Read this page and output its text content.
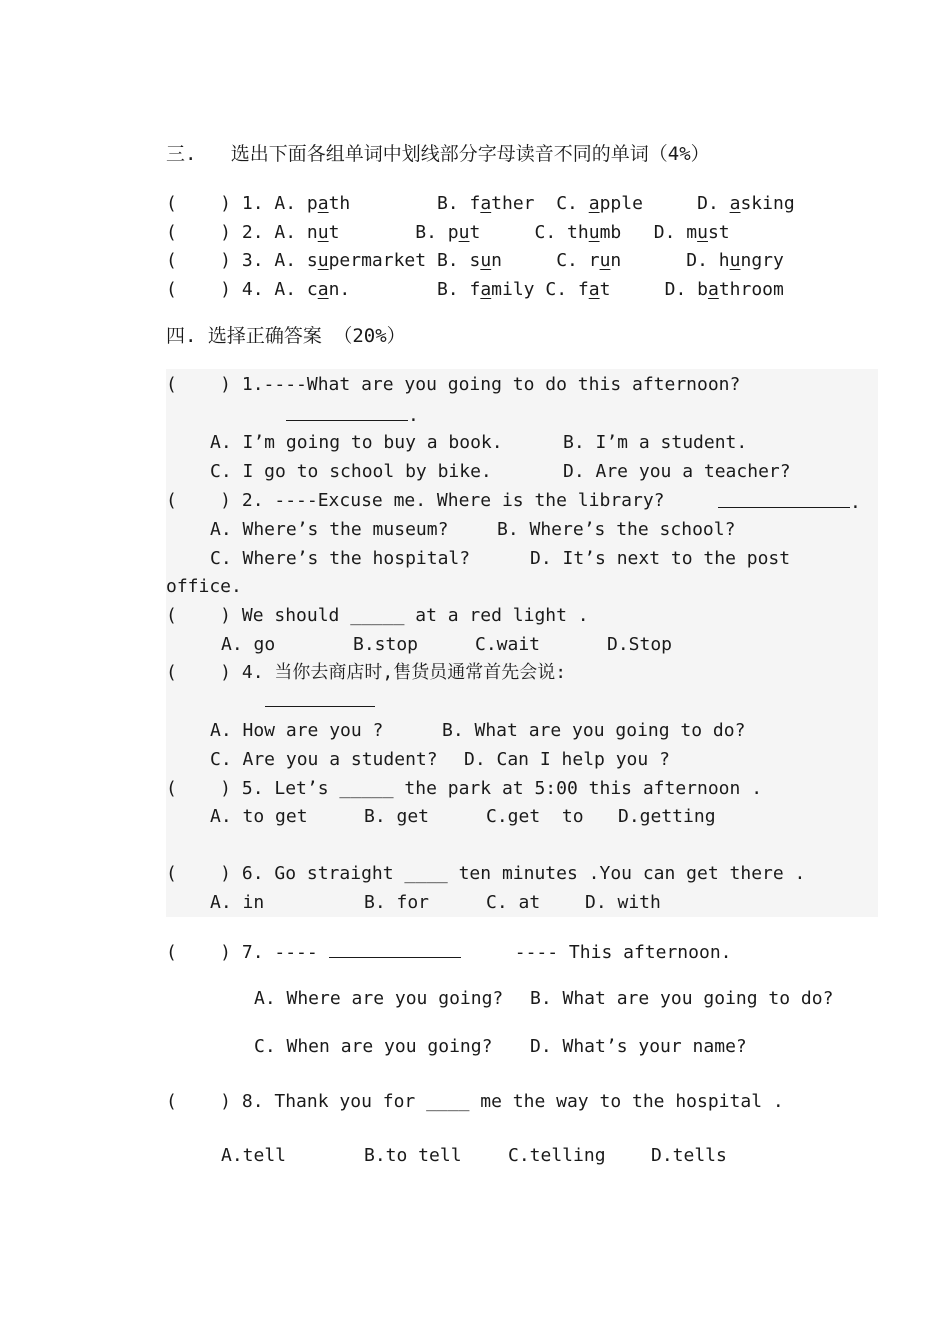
三.   选出下面各组单词中划线部分字母读音不同的单词（4%）
(    ) 1. A. path        B. father  C. apple     D. asking
(    ) 2. A. nut       B. put     C. thumb   D. must
(    ) 3. A. supermarket B. sun     C. run      D. hungry
(    ) 4. A. can.        B. family C. fat     D. bathroom
四. 选择正确答案 （20%）
(    ) 1.----What are you going to do this afternoon?
.
A. I’m going to buy a book.	B. I’m a student.
C. I go to school by bike.	D. Are you a teacher?
(    ) 2. ----Excuse me. Where is the library?	.
A. Where’s the museum?	B. Where’s the school?
C. Where’s the hospital?	D. It’s next to the post
office.
(    ) We should _____ at a red light .
A. go	B.stop	C.wait	D.Stop
(    ) 4. 当你去商店时,售货员通常首先会说:
A. How are you ?	B. What are you going to do?
C. Are you a student? D. Can I help you ?
(    ) 5. Let’s _____ the park at 5:00 this afternoon .
A. to get	B. get	C.get  to D.getting
(    ) 6. Go straight ____ ten minutes .You can get there .
A. in	B. for	C. at D. with
(    ) 7. ----	---- This afternoon.
A. Where are you going? B. What are you going to do?
C. When are you going? D. What’s your name?
(    ) 8. Thank you for ____ me the way to the hospital .
A.tell	B.to tell	C.telling	D.tells
